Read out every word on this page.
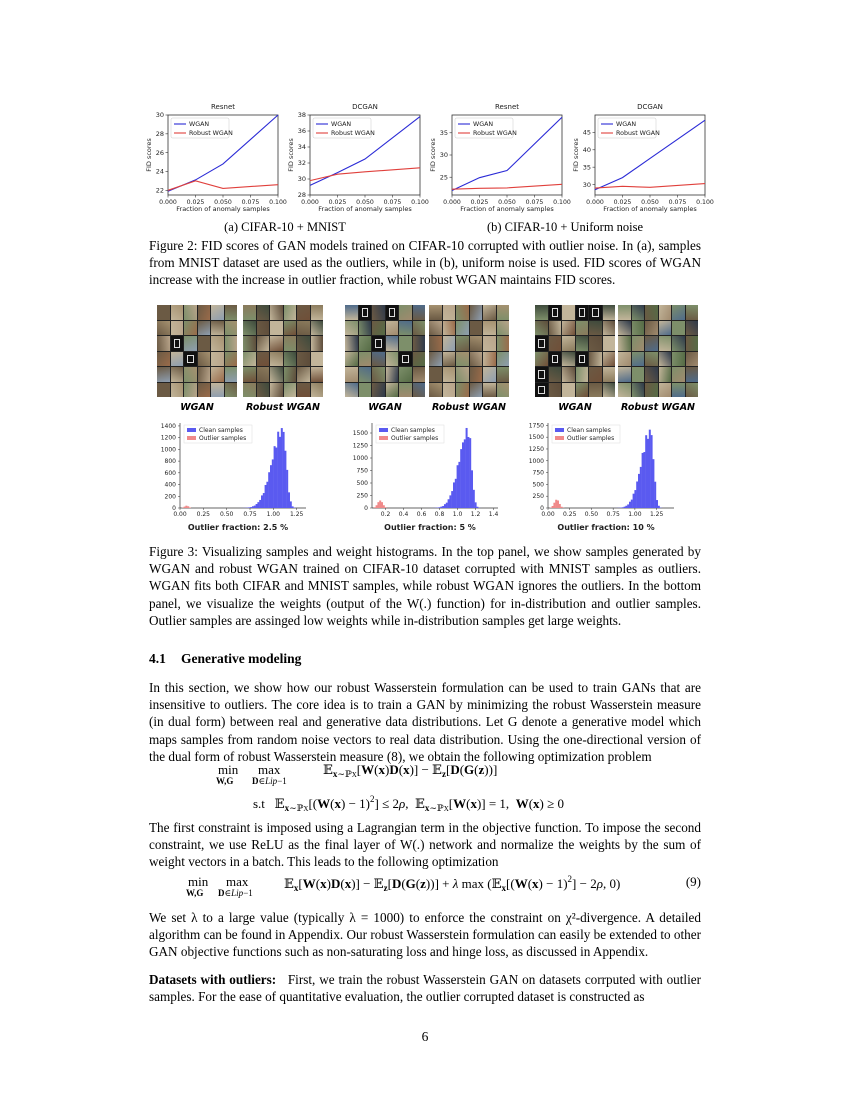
Resnet
0.000 0.025 0.050 0.075 0.100
22
24
26
28
30
Fraction of anomaly samples
FID scores
WGAN
Robust WGAN
DCGAN
0.000 0.025 0.050 0.075 0.100
28
30
32
34
36
38
Fraction of anomaly samples
FID scores
WGAN
Robust WGAN
Resnet
0.000 0.025 0.050 0.075 0.100
25
30
35
Fraction of anomaly samples
FID scores
WGAN
Robust WGAN
DCGAN
0.000 0.025 0.050 0.075 0.100
30
35
40
45
Fraction of anomaly samples
FID scores
WGAN
Robust WGAN
(a) CIFAR-10 + MNIST	(b) CIFAR-10 + Uniform noise
Figure 2: FID scores of GAN models trained on CIFAR-10 corrupted with outlier noise. In (a), samples from MNIST dataset are used as the outliers, while in (b), uniform noise is used. FID scores of WGAN increase with the increase in outlier fraction, while robust WGAN maintains FID scores.
WGAN	Robust WGAN	WGAN	Robust WGAN	WGAN	Robust WGAN
0
200
400
600
800
1000
1200
1400
0.00 0.25 0.50 0.75 1.00 1.25
Clean samples
Outlier samples
Outlier fraction: 2.5 %
0
250
500
750
1000
1250
1500
0.2 0.4 0.6 0.8 1.0 1.2 1.4
Clean samples
Outlier samples
Outlier fraction: 5 %
0
250
500
750
1000
1250
1500
1750
0.00 0.25 0.50 0.75 1.00 1.25
Clean samples
Outlier samples
Outlier fraction: 10 %
Figure 3: Visualizing samples and weight histograms. In the top panel, we show samples generated by WGAN and robust WGAN trained on CIFAR-10 dataset corrupted with MNIST samples as outliers. WGAN fits both CIFAR and MNIST samples, while robust WGAN ignores the outliers. In the bottom panel, we visualize the weights (output of the W(.) function) for in-distribution and outlier samples. Outlier samples are assinged low weights while in-distribution samples get large weights.
4.1 Generative modeling
In this section, we show how our robust Wasserstein formulation can be used to train GANs that are insensitive to outliers. The core idea is to train a GAN by minimizing the robust Wasserstein measure (in dual form) between real and generative data distributions. Let G denote a generative model which maps samples from random noise vectors to real data distribution. Using the one-directional version of the dual form of robust Wasserstein measure (8), we obtain the following optimization problem
min
W,G
max
D∈Lip−1
𝔼$_{x\sim ℙX}$[W(x)D(x)] − 𝔼$_z$[D(G(z))]
s.t   𝔼$_{x\sim ℙX}$[(W(x) − 1)$^2$] ≤ 2ρ,  𝔼$_{x\sim ℙX}$[W(x)] = 1,  W(x) ≥ 0
The first constraint is imposed using a Lagrangian term in the objective function. To impose the second constraint, we use ReLU as the final layer of W(.) network and normalize the weights by the sum of weight vectors in a batch. This leads to the following optimization
min
W,G
max
D∈Lip−1
𝔼$_x$[W(x)D(x)] − 𝔼$_z$[D(G(z))] + λ max (𝔼$_x$[(W(x) − 1)$^2$] − 2ρ, 0)	(9)
We set λ to a large value (typically λ = 1000) to enforce the constraint on χ²-divergence. A detailed algorithm can be found in Appendix. Our robust Wasserstein formulation can easily be extended to other GAN objective functions such as non-saturating loss and hinge loss, as discussed in Appendix.
Datasets with outliers: First, we train the robust Wasserstein GAN on datasets corrputed with outlier samples. For the ease of quantitative evaluation, the outlier corrupted dataset is constructed as
6
